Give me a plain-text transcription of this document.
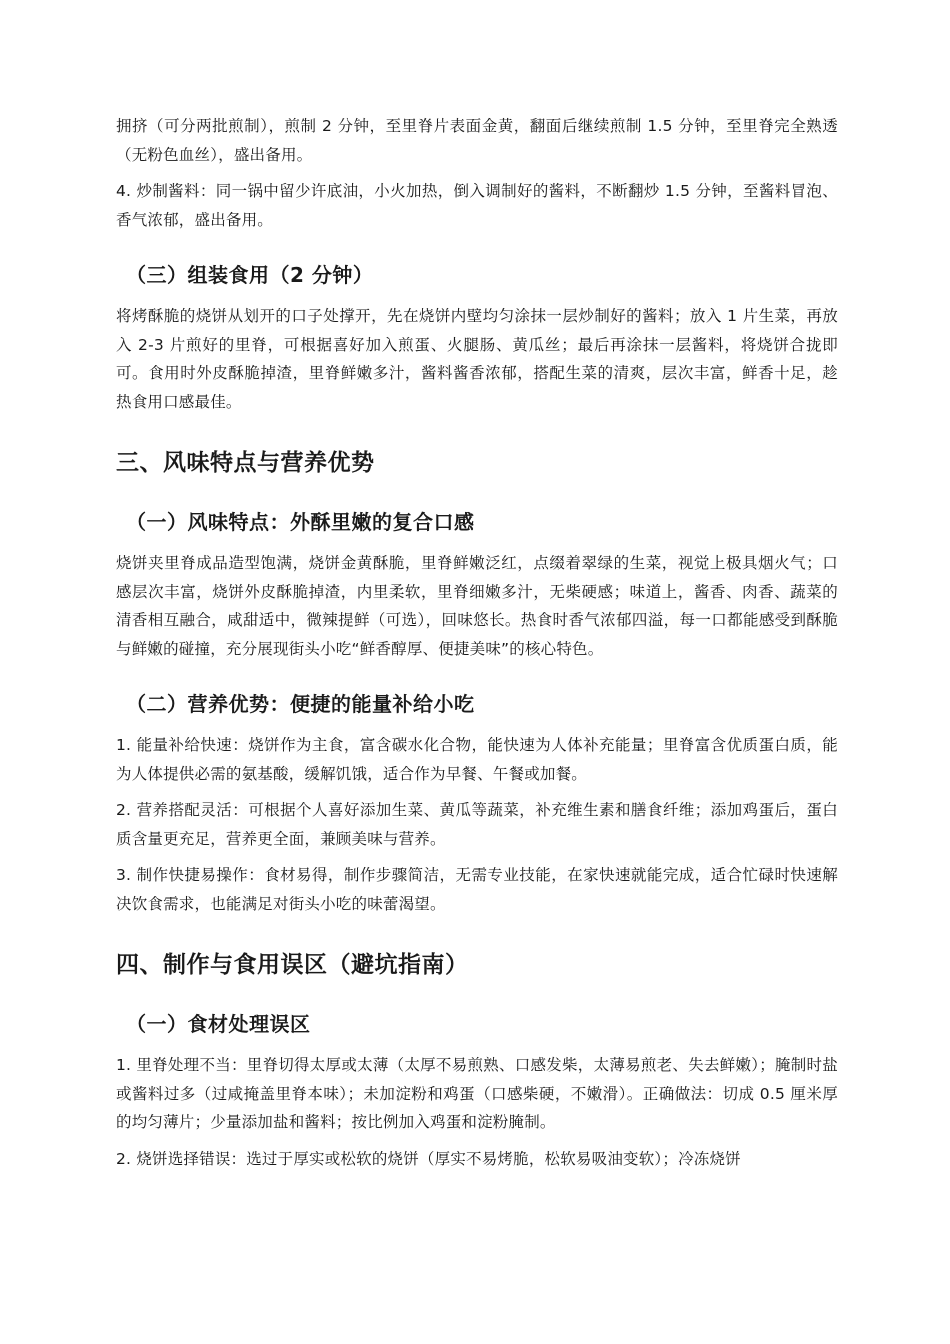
拥挤（可分两批煎制），煎制 2 分钟，至里脊片表面金黄，翻面后继续煎制 1.5 分钟，至里脊完全熟透（无粉色血丝），盛出备用。

4. 炒制酱料：同一锅中留少许底油，小火加热，倒入调制好的酱料，不断翻炒 1.5 分钟，至酱料冒泡、香气浓郁，盛出备用。

（三）组装食用（2 分钟）

将烤酥脆的烧饼从划开的口子处撑开，先在烧饼内壁均匀涂抹一层炒制好的酱料；放入 1 片生菜，再放入 2-3 片煎好的里脊，可根据喜好加入煎蛋、火腿肠、黄瓜丝；最后再涂抹一层酱料，将烧饼合拢即可。食用时外皮酥脆掉渣，里脊鲜嫩多汁，酱料酱香浓郁，搭配生菜的清爽，层次丰富，鲜香十足，趁热食用口感最佳。

三、风味特点与营养优势
（一）风味特点：外酥里嫩的复合口感

烧饼夹里脊成品造型饱满，烧饼金黄酥脆，里脊鲜嫩泛红，点缀着翠绿的生菜，视觉上极具烟火气；口感层次丰富，烧饼外皮酥脆掉渣，内里柔软，里脊细嫩多汁，无柴硬感；味道上，酱香、肉香、蔬菜的清香相互融合，咸甜适中，微辣提鲜（可选），回味悠长。热食时香气浓郁四溢，每一口都能感受到酥脆与鲜嫩的碰撞，充分展现街头小吃“鲜香醇厚、便捷美味”的核心特色。

（二）营养优势：便捷的能量补给小吃

1. 能量补给快速：烧饼作为主食，富含碳水化合物，能快速为人体补充能量；里脊富含优质蛋白质，能为人体提供必需的氨基酸，缓解饥饿，适合作为早餐、午餐或加餐。

2. 营养搭配灵活：可根据个人喜好添加生菜、黄瓜等蔬菜，补充维生素和膳食纤维；添加鸡蛋后，蛋白质含量更充足，营养更全面，兼顾美味与营养。

3. 制作快捷易操作：食材易得，制作步骤简洁，无需专业技能，在家快速就能完成，适合忙碌时快速解决饮食需求，也能满足对街头小吃的味蕾渴望。

四、制作与食用误区（避坑指南）
（一）食材处理误区

1. 里脊处理不当：里脊切得太厚或太薄（太厚不易煎熟、口感发柴，太薄易煎老、失去鲜嫩）；腌制时盐或酱料过多（过咸掩盖里脊本味）；未加淀粉和鸡蛋（口感柴硬，不嫩滑）。正确做法：切成 0.5 厘米厚的均匀薄片；少量添加盐和酱料；按比例加入鸡蛋和淀粉腌制。

2. 烧饼选择错误：选过于厚实或松软的烧饼（厚实不易烤脆，松软易吸油变软）；冷冻烧饼
